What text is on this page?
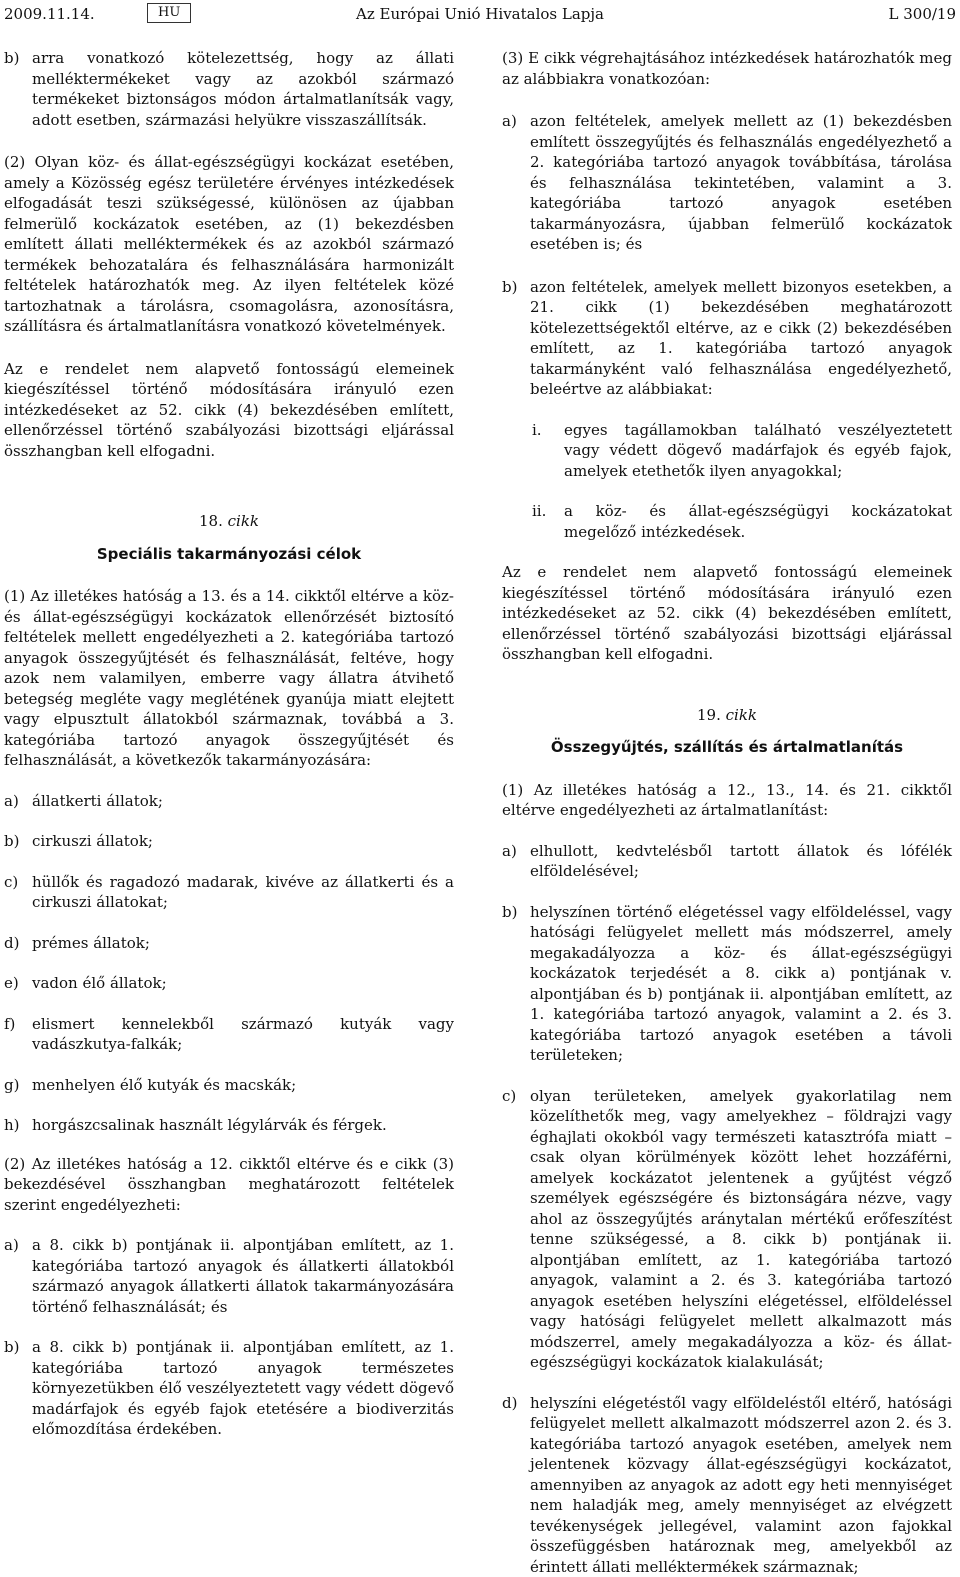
2009.11.14.	HU	Az Európai Unió Hivatalos Lapja	L 300/19
b) arra vonatkozó kötelezettség, hogy az állati melléktermékeket vagy az azokból származó termékeket biztonságos módon ártalmatlanítsák vagy, adott esetben, származási helyükre visszaszállítsák.

(2) Olyan köz- és állat-egészségügyi kockázat esetében, amely a Közösség egész területére érvényes intézkedések elfogadását teszi szükségessé, különösen az újabban felmerülő kockázatok esetében, az (1) bekezdésben említett állati melléktermékek és az azokból származó termékek behozatalára és felhasználására harmonizált feltételek határozhatók meg. Az ilyen feltételek közé tartozhatnak a tárolásra, csomagolásra, azonosításra, szállításra és ártalmatlanításra vonatkozó követelmények.

Az e rendelet nem alapvető fontosságú elemeinek kiegészítéssel történő módosítására irányuló ezen intézkedéseket az 52. cikk (4) bekezdésében említett, ellenőrzéssel történő szabályozási bizottsági eljárással összhangban kell elfogadni.

18. cikk
Speciális takarmányozási célok

(1) Az illetékes hatóság a 13. és a 14. cikktől eltérve a köz- és állat-egészségügyi kockázatok ellenőrzését biztosító feltételek mellett engedélyezheti a 2. kategóriába tartozó anyagok összegyűjtését és felhasználását, feltéve, hogy azok nem valamilyen, emberre vagy állatra átvihető betegség megléte vagy meglétének gyanúja miatt elejtett vagy elpusztult állatokból származnak, továbbá a 3. kategóriába tartozó anyagok összegyűjtését és felhasználását, a következők takarmányozására:

a) állatkerti állatok;
b) cirkuszi állatok;
c) hüllők és ragadozó madarak, kivéve az állatkerti és a cirkuszi állatokat;
d) prémes állatok;
e) vadon élő állatok;
f) elismert kennelekből származó kutyák vagy vadászkutya-falkák;
g) menhelyen élő kutyák és macskák;
h) horgászcsalinak használt légylárvák és férgek.

(2) Az illetékes hatóság a 12. cikktől eltérve és e cikk (3) bekezdésével összhangban meghatározott feltételek szerint engedélyezheti:

a) a 8. cikk b) pontjának ii. alpontjában említett, az 1. kategóriába tartozó anyagok és állatkerti állatokból származó anyagok állatkerti állatok takarmányozására történő felhasználását; és
b) a 8. cikk b) pontjának ii. alpontjában említett, az 1. kategóriába tartozó anyagok természetes környezetükben élő veszélyeztetett vagy védett dögevő madárfajok és egyéb fajok etetésére a biodiverzitás előmozdítása érdekében.

(3) E cikk végrehajtásához intézkedések határozhatók meg az alábbiakra vonatkozóan:

a) azon feltételek, amelyek mellett az (1) bekezdésben említett összegyűjtés és felhasználás engedélyezhető a 2. kategóriába tartozó anyagok továbbítása, tárolása és felhasználása tekintetében, valamint a 3. kategóriába tartozó anyagok esetében takarmányozásra, újabban felmerülő kockázatok esetében is; és
b) azon feltételek, amelyek mellett bizonyos esetekben, a 21. cikk (1) bekezdésében meghatározott kötelezettségektől eltérve, az e cikk (2) bekezdésében említett, az 1. kategóriába tartozó anyagok takarmányként való felhasználása engedélyezhető, beleértve az alábbiakat:
i. egyes tagállamokban található veszélyeztetett vagy védett dögevő madárfajok és egyéb fajok, amelyek etethetők ilyen anyagokkal;
ii. a köz- és állat-egészségügyi kockázatokat megelőző intézkedések.

Az e rendelet nem alapvető fontosságú elemeinek kiegészítéssel történő módosítására irányuló ezen intézkedéseket az 52. cikk (4) bekezdésében említett, ellenőrzéssel történő szabályozási bizottsági eljárással összhangban kell elfogadni.

19. cikk
Összegyűjtés, szállítás és ártalmatlanítás

(1) Az illetékes hatóság a 12., 13., 14. és 21. cikktől eltérve engedélyezheti az ártalmatlanítást:

a) elhullott, kedvtelésből tartott állatok és lófélék elföldelésével;
b) helyszínen történő elégetéssel vagy elföldeléssel, vagy hatósági felügyelet mellett más módszerrel, amely megakadályozza a köz- és állat-egészségügyi kockázatok terjedését a 8. cikk a) pontjának v. alpontjában és b) pontjának ii. alpontjában említett, az 1. kategóriába tartozó anyagok, valamint a 2. és 3. kategóriába tartozó anyagok esetében a távoli területeken;
c) olyan területeken, amelyek gyakorlatilag nem közelíthetők meg, vagy amelyekhez – földrajzi vagy éghajlati okokból vagy természeti katasztrófa miatt – csak olyan körülmények között lehet hozzáférni, amelyek kockázatot jelentenek a gyűjtést végző személyek egészségére és biztonságára nézve, vagy ahol az összegyűjtés aránytalan mértékű erőfeszítést tenne szükségessé, a 8. cikk b) pontjának ii. alpontjában említett, az 1. kategóriába tartozó anyagok, valamint a 2. és 3. kategóriába tartozó anyagok esetében helyszíni elégetéssel, elföldeléssel vagy hatósági felügyelet mellett alkalmazott más módszerrel, amely megakadályozza a köz- és állat-egészségügyi kockázatok kialakulását;
d) helyszíni elégetéstől vagy elföldeléstől eltérő, hatósági felügyelet mellett alkalmazott módszerrel azon 2. és 3. kategóriába tartozó anyagok esetében, amelyek nem jelentenek közvagy állat-egészségügyi kockázatot, amennyiben az anyagok az adott egy heti mennyiséget nem haladják meg, amely mennyiséget az elvégzett tevékenységek jellegével, valamint azon fajokkal összefüggésben határoznak meg, amelyekből az érintett állati melléktermékek származnak;
